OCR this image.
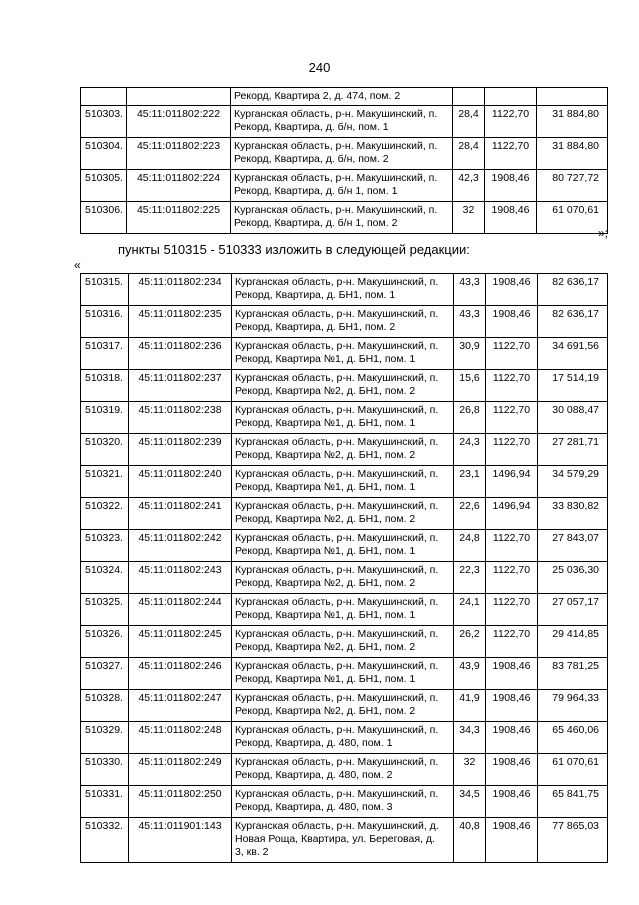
240
		Рекорд, Квартира 2, д. 474, пом. 2			
510303.	45:11:011802:222	Курганская область, р-н. Макушинский, п.
Рекорд, Квартира, д. б/н, пом. 1	28,4	1122,70	31 884,80
510304.	45:11:011802:223	Курганская область, р-н. Макушинский, п.
Рекорд, Квартира, д. б/н, пом. 2	28,4	1122,70	31 884,80
510305.	45:11:011802:224	Курганская область, р-н. Макушинский, п.
Рекорд, Квартира, д. б/н 1, пом. 1	42,3	1908,46	80 727,72
510306.	45:11:011802:225	Курганская область, р-н. Макушинский, п.
Рекорд, Квартира, д. б/н 1, пом. 2	32	1908,46	61 070,61
»;
пункты 510315 - 510333 изложить в следующей редакции:
«
510315.	45:11:011802:234	Курганская область, р-н. Макушинский, п.
Рекорд, Квартира, д. БН1, пом. 1	43,3	1908,46	82 636,17
510316.	45:11:011802:235	Курганская область, р-н. Макушинский, п.
Рекорд, Квартира, д. БН1, пом. 2	43,3	1908,46	82 636,17
510317.	45:11:011802:236	Курганская область, р-н. Макушинский, п.
Рекорд, Квартира №1, д. БН1, пом. 1	30,9	1122,70	34 691,56
510318.	45:11:011802:237	Курганская область, р-н. Макушинский, п.
Рекорд, Квартира №2, д. БН1, пом. 2	15,6	1122,70	17 514,19
510319.	45:11:011802:238	Курганская область, р-н. Макушинский, п.
Рекорд, Квартира №1, д. БН1, пом. 1	26,8	1122,70	30 088,47
510320.	45:11:011802:239	Курганская область, р-н. Макушинский, п.
Рекорд, Квартира №2, д. БН1, пом. 2	24,3	1122,70	27 281,71
510321.	45:11:011802:240	Курганская область, р-н. Макушинский, п.
Рекорд, Квартира №1, д. БН1, пом. 1	23,1	1496,94	34 579,29
510322.	45:11:011802:241	Курганская область, р-н. Макушинский, п.
Рекорд, Квартира №2, д. БН1, пом. 2	22,6	1496,94	33 830,82
510323.	45:11:011802:242	Курганская область, р-н. Макушинский, п.
Рекорд, Квартира №1, д. БН1, пом. 1	24,8	1122,70	27 843,07
510324.	45:11:011802:243	Курганская область, р-н. Макушинский, п.
Рекорд, Квартира №2, д. БН1, пом. 2	22,3	1122,70	25 036,30
510325.	45:11:011802:244	Курганская область, р-н. Макушинский, п.
Рекорд, Квартира №1, д. БН1, пом. 1	24,1	1122,70	27 057,17
510326.	45:11:011802:245	Курганская область, р-н. Макушинский, п.
Рекорд, Квартира №2, д. БН1, пом. 2	26,2	1122,70	29 414,85
510327.	45:11:011802:246	Курганская область, р-н. Макушинский, п.
Рекорд, Квартира №1, д. БН1, пом. 1	43,9	1908,46	83 781,25
510328.	45:11:011802:247	Курганская область, р-н. Макушинский, п.
Рекорд, Квартира №2, д. БН1, пом. 2	41,9	1908,46	79 964,33
510329.	45:11:011802:248	Курганская область, р-н. Макушинский, п.
Рекорд, Квартира, д. 480, пом. 1	34,3	1908,46	65 460,06
510330.	45:11:011802:249	Курганская область, р-н. Макушинский, п.
Рекорд, Квартира, д. 480, пом. 2	32	1908,46	61 070,61
510331.	45:11:011802:250	Курганская область, р-н. Макушинский, п.
Рекорд, Квартира, д. 480, пом. 3	34,5	1908,46	65 841,75
510332.	45:11:011901:143	Курганская область, р-н. Макушинский, д.
Новая Роща, Квартира, ул. Береговая, д.
3, кв. 2	40,8	1908,46	77 865,03
